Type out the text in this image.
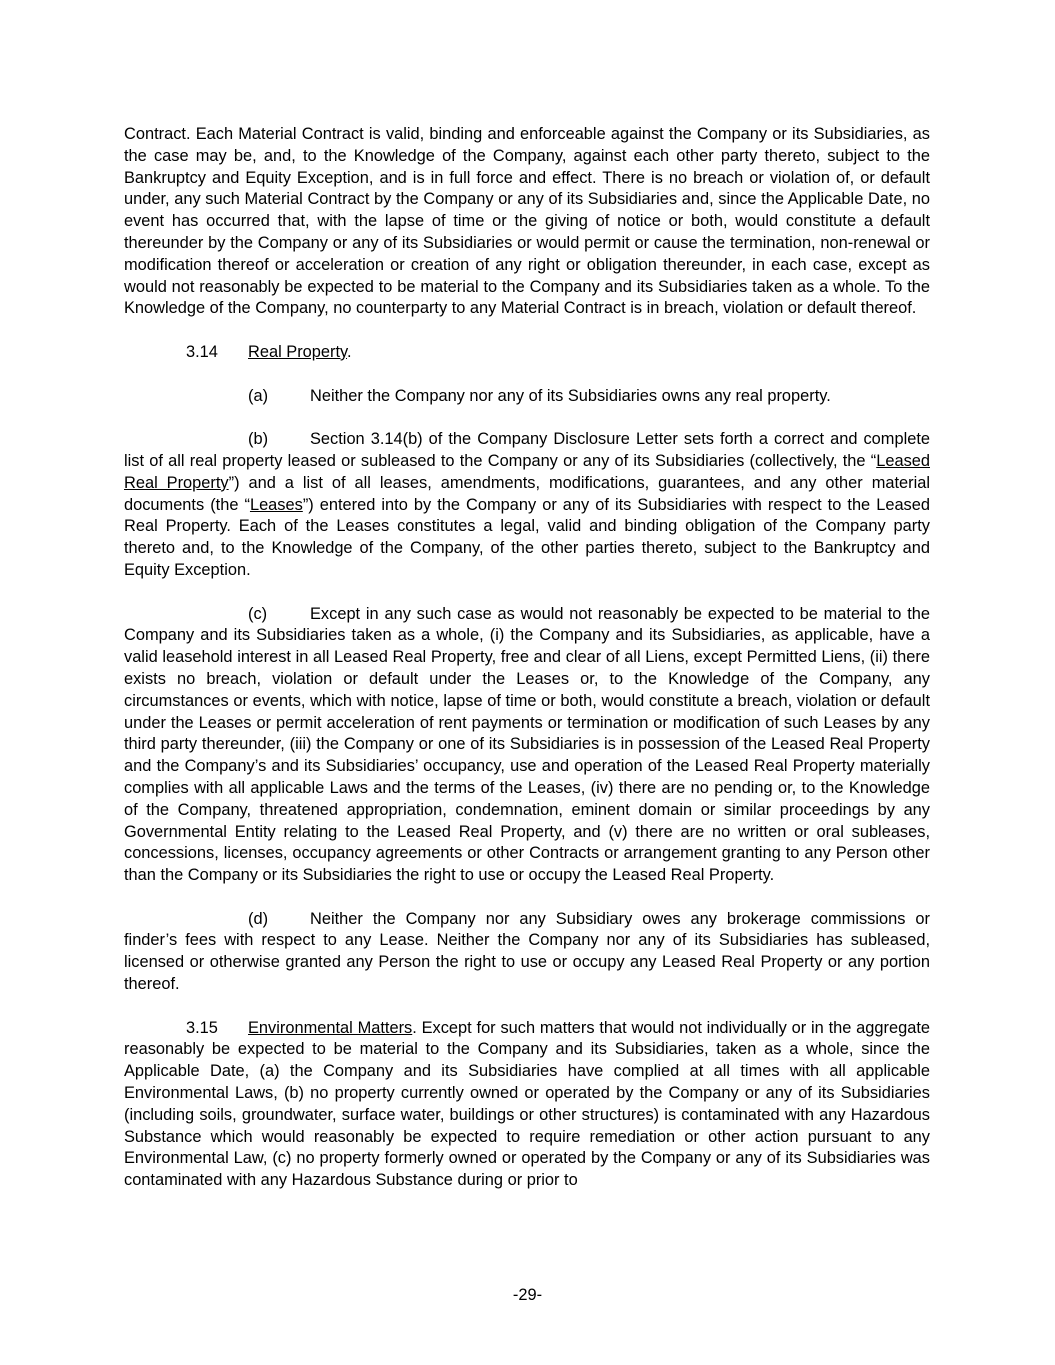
Contract. Each Material Contract is valid, binding and enforceable against the Company or its Subsidiaries, as the case may be, and, to the Knowledge of the Company, against each other party thereto, subject to the Bankruptcy and Equity Exception, and is in full force and effect. There is no breach or violation of, or default under, any such Material Contract by the Company or any of its Subsidiaries and, since the Applicable Date, no event has occurred that, with the lapse of time or the giving of notice or both, would constitute a default thereunder by the Company or any of its Subsidiaries or would permit or cause the termination, non-renewal or modification thereof or acceleration or creation of any right or obligation thereunder, in each case, except as would not reasonably be expected to be material to the Company and its Subsidiaries taken as a whole. To the Knowledge of the Company, no counterparty to any Material Contract is in breach, violation or default thereof.

3.14 Real Property.

(a)	Neither the Company nor any of its Subsidiaries owns any real property.

(b)	Section 3.14(b) of the Company Disclosure Letter sets forth a correct and complete list of all real property leased or subleased to the Company or any of its Subsidiaries (collectively, the “Leased Real Property”) and a list of all leases, amendments, modifications, guarantees, and any other material documents (the “Leases”) entered into by the Company or any of its Subsidiaries with respect to the Leased Real Property. Each of the Leases constitutes a legal, valid and binding obligation of the Company party thereto and, to the Knowledge of the Company, of the other parties thereto, subject to the Bankruptcy and Equity Exception.

(c)	Except in any such case as would not reasonably be expected to be material to the Company and its Subsidiaries taken as a whole, (i) the Company and its Subsidiaries, as applicable, have a valid leasehold interest in all Leased Real Property, free and clear of all Liens, except Permitted Liens, (ii) there exists no breach, violation or default under the Leases or, to the Knowledge of the Company, any circumstances or events, which with notice, lapse of time or both, would constitute a breach, violation or default under the Leases or permit acceleration of rent payments or termination or modification of such Leases by any third party thereunder, (iii) the Company or one of its Subsidiaries is in possession of the Leased Real Property and the Company’s and its Subsidiaries’ occupancy, use and operation of the Leased Real Property materially complies with all applicable Laws and the terms of the Leases, (iv) there are no pending or, to the Knowledge of the Company, threatened appropriation, condemnation, eminent domain or similar proceedings by any Governmental Entity relating to the Leased Real Property, and (v) there are no written or oral subleases, concessions, licenses, occupancy agreements or other Contracts or arrangement granting to any Person other than the Company or its Subsidiaries the right to use or occupy the Leased Real Property.

(d)	Neither the Company nor any Subsidiary owes any brokerage commissions or finder’s fees with respect to any Lease. Neither the Company nor any of its Subsidiaries has subleased, licensed or otherwise granted any Person the right to use or occupy any Leased Real Property or any portion thereof.

3.15 Environmental Matters. Except for such matters that would not individually or in the aggregate reasonably be expected to be material to the Company and its Subsidiaries, taken as a whole, since the Applicable Date, (a) the Company and its Subsidiaries have complied at all times with all applicable Environmental Laws, (b) no property currently owned or operated by the Company or any of its Subsidiaries (including soils, groundwater, surface water, buildings or other structures) is contaminated with any Hazardous Substance which would reasonably be expected to require remediation or other action pursuant to any Environmental Law, (c) no property formerly owned or operated by the Company or any of its Subsidiaries was contaminated with any Hazardous Substance during or prior to

-29-
